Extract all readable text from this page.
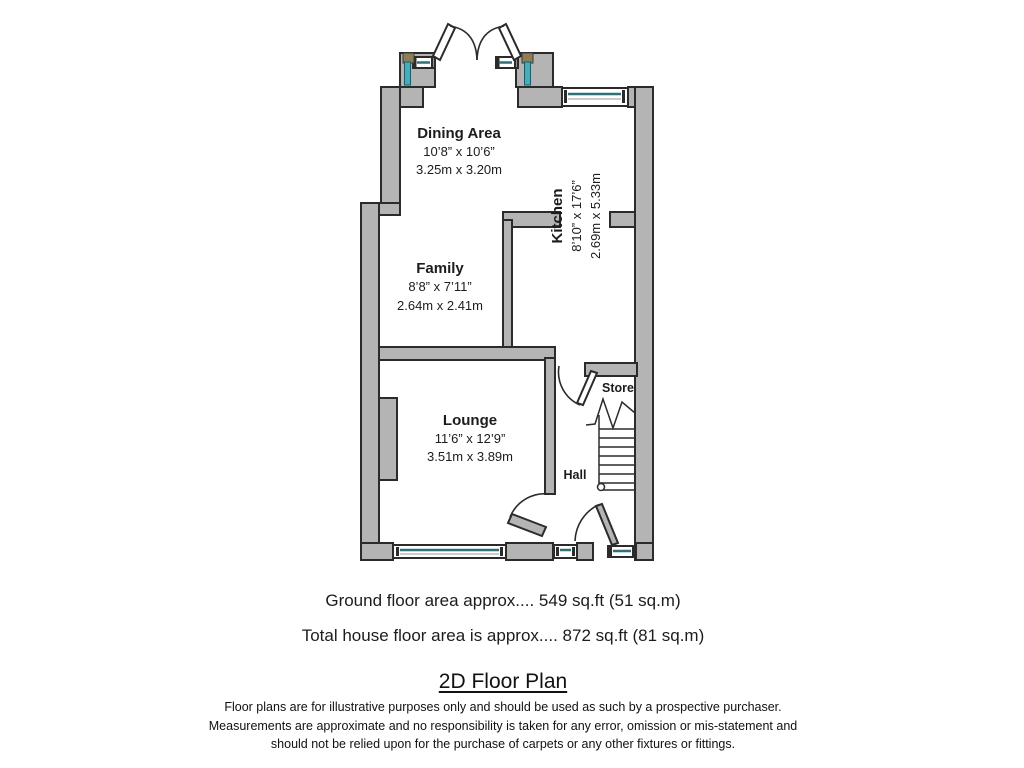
Dining Area
10’8” x 10’6”
3.25m x 3.20m
Kitchen 8’10” x 17’6” 2.69m x 5.33m
Family
8’8” x 7’11”
2.64m x 2.41m
Lounge
11’6” x 12’9”
3.51m x 3.89m
Store
Hall
Ground floor area approx.... 549 sq.ft (51 sq.m)
Total house floor area is approx.... 872 sq.ft (81 sq.m)
2D Floor Plan
Floor plans are for illustrative purposes only and should be used as such by a prospective purchaser.
Measurements are approximate and no responsibility is taken for any error, omission or mis-statement and
should not be relied upon for the purchase of carpets or any other fixtures or fittings.
